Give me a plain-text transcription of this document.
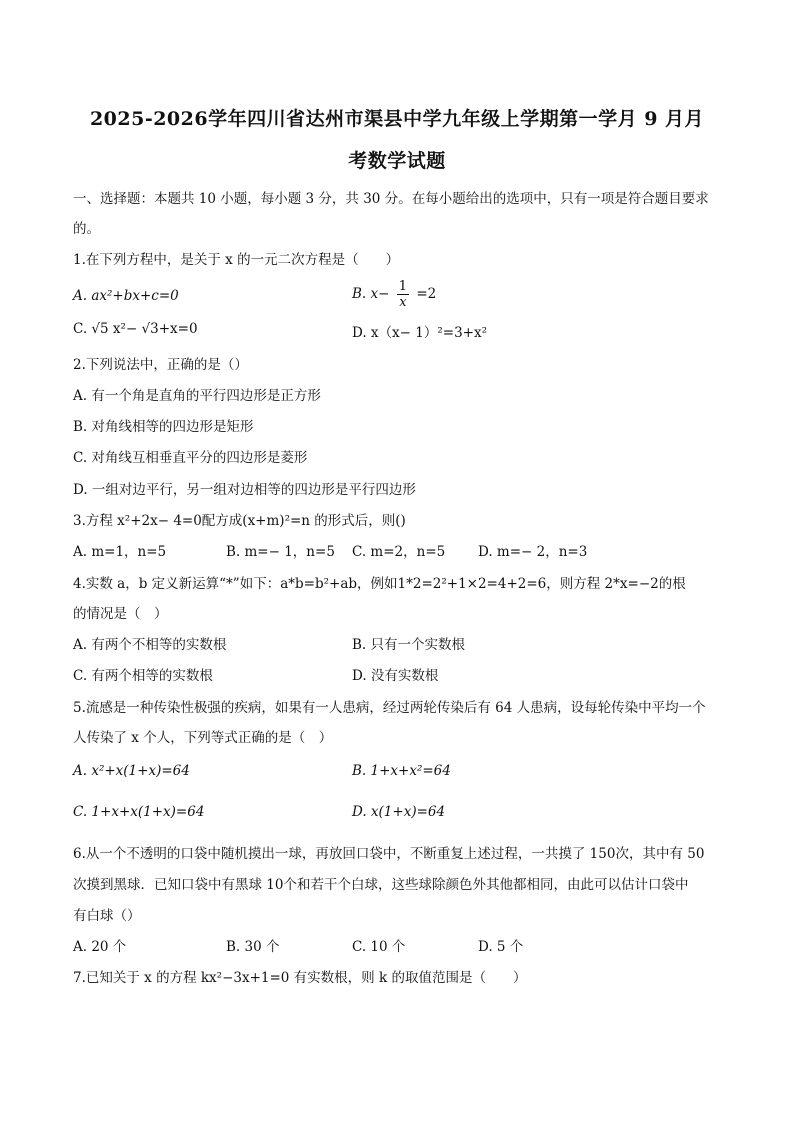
2025-2026学年四川省达州市渠县中学九年级上学期第一学月 9 月月
考数学试题
一、选择题：本题共 10 小题，每小题 3 分，共 30 分。在每小题给出的选项中，只有一项是符合题目要求
的。
1.在下列方程中，是关于 x 的一元二次方程是（　　）
A. ax²+bx+c=0	B. $x- \frac{1}{x} =2$
C. √5 x²− √3+x=0	D. x（x− 1）²=3+x²
2.下列说法中，正确的是（）
A. 有一个角是直角的平行四边形是正方形
B. 对角线相等的四边形是矩形
C. 对角线互相垂直平分的四边形是菱形
D. 一组对边平行，另一组对边相等的四边形是平行四边形
3.方程 x²+2x− 4=0配方成(x+m)²=n 的形式后，则()
A. m=1，n=5	B. m=− 1，n=5 C. m=2，n=5 D. m=− 2，n=3
4.实数 a，b 定义新运算“*”如下：a*b=b²+ab，例如1*2=2²+1×2=4+2=6，则方程 2*x=−2的根
的情况是（　）
A. 有两个不相等的实数根	B. 只有一个实数根
C. 有两个相等的实数根	D. 没有实数根
5.流感是一种传染性极强的疾病，如果有一人患病，经过两轮传染后有 64 人患病，设每轮传染中平均一个
人传染了 x 个人，下列等式正确的是（　）
A. x²+x(1+x)=64	B. 1+x+x²=64
C. 1+x+x(1+x)=64	D. x(1+x)=64
6.从一个不透明的口袋中随机摸出一球，再放回口袋中，不断重复上述过程，一共摸了 150次，其中有 50
次摸到黑球．已知口袋中有黑球 10个和若干个白球，这些球除颜色外其他都相同，由此可以估计口袋中
有白球（）
A. 20 个	B. 30 个	C. 10 个	D. 5 个
7.已知关于 x 的方程 kx²−3x+1=0 有实数根，则 k 的取值范围是（　　）
